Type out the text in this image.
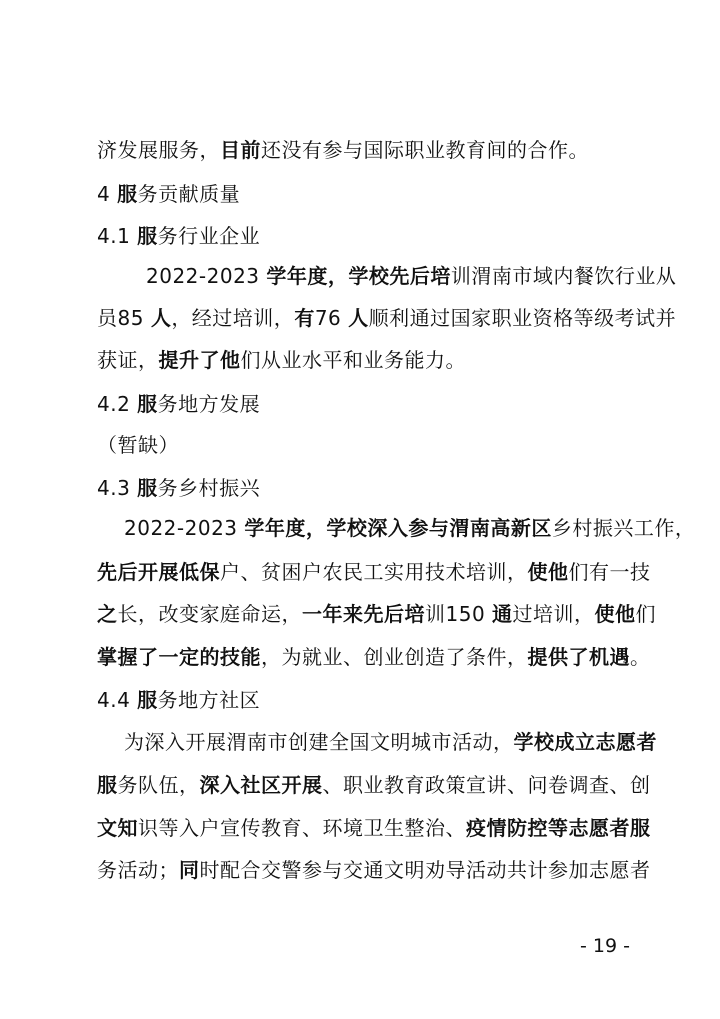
济发展服务，目前还没有参与国际职业教育间的合作。
4 服务贡献质量
4.1 服务行业企业
2022-2023 学年度，学校先后培训渭南市域内餐饮行业从
员85 人，经过培训，有76 人顺利通过国家职业资格等级考试并
获证，提升了他们从业水平和业务能力。
4.2 服务地方发展
（暂缺）
4.3 服务乡村振兴
2022-2023 学年度，学校深入参与渭南高新区乡村振兴工作，
先后开展低保户、贫困户农民工实用技术培训，使他们有一技
之长，改变家庭命运，一年来先后培训150 通过培训，使他们
掌握了一定的技能，为就业、创业创造了条件，提供了机遇。
4.4 服务地方社区
为深入开展渭南市创建全国文明城市活动，学校成立志愿者
服务队伍，深入社区开展、职业教育政策宣讲、问卷调查、创
文知识等入户宣传教育、环境卫生整治、疫情防控等志愿者服
务活动；同时配合交警参与交通文明劝导活动共计参加志愿者
- 19 -
